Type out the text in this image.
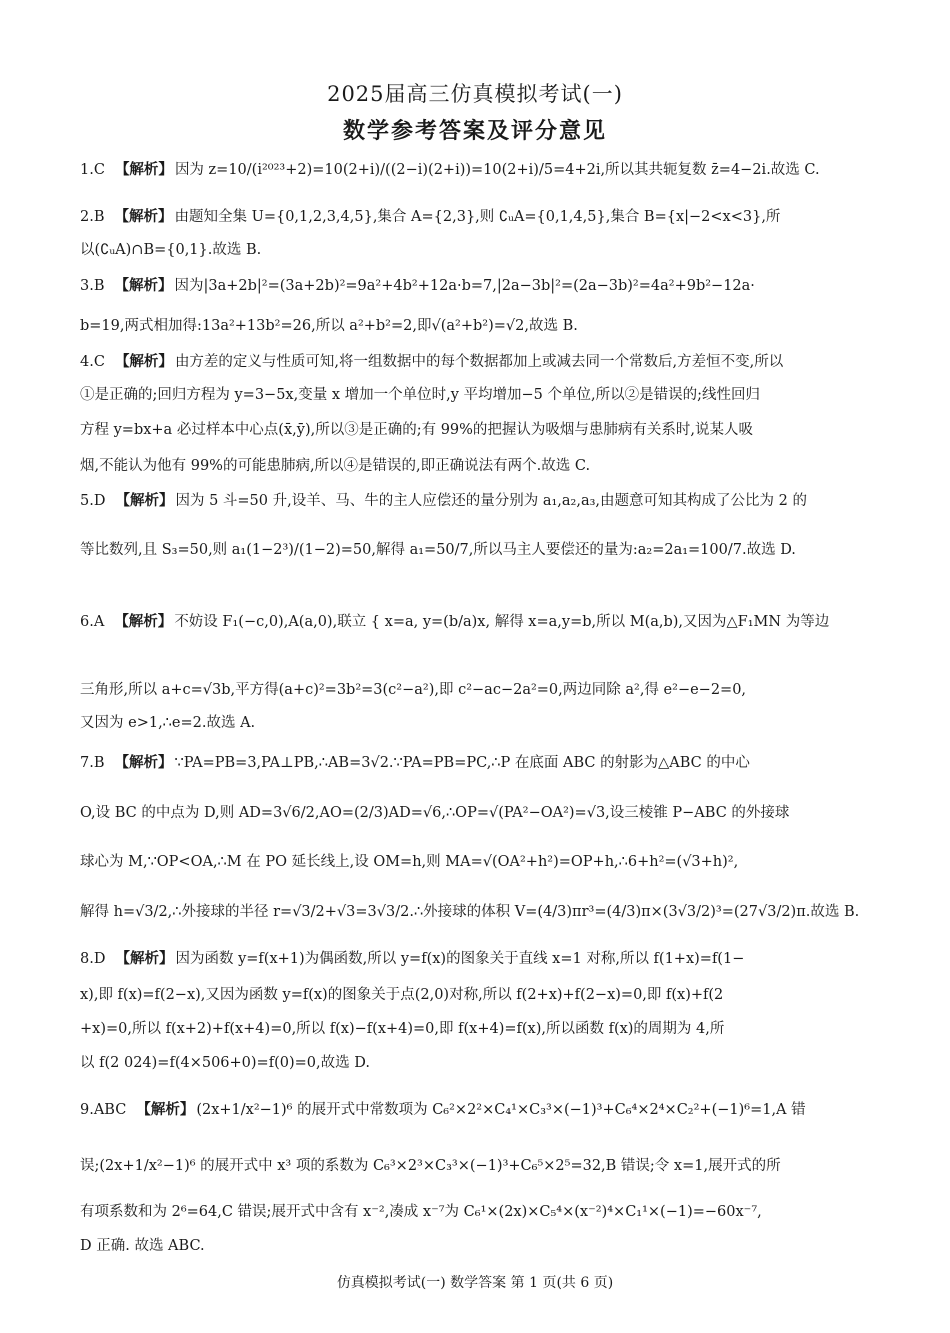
2025届高三仿真模拟考试(一)
数学参考答案及评分意见
1.C 【解析】 因为 z=10/(i²⁰²³+2)=10(2+i)/((2−i)(2+i))=10(2+i)/5=4+2i,所以其共轭复数 z̄=4−2i.故选 C.
2.B 【解析】 由题知全集 U={0,1,2,3,4,5},集合 A={2,3},则 ∁ᵤA={0,1,4,5},集合 B={x|−2<x<3},所
以(∁ᵤA)∩B={0,1}.故选 B.
3.B 【解析】 因为|3a+2b|²=(3a+2b)²=9a²+4b²+12a·b=7,|2a−3b|²=(2a−3b)²=4a²+9b²−12a·
b=19,两式相加得:13a²+13b²=26,所以 a²+b²=2,即√(a²+b²)=√2,故选 B.
4.C 【解析】 由方差的定义与性质可知,将一组数据中的每个数据都加上或减去同一个常数后,方差恒不变,所以
①是正确的;回归方程为 y=3−5x,变量 x 增加一个单位时,y 平均增加−5 个单位,所以②是错误的;线性回归
方程 y=bx+a 必过样本中心点(x̄,ȳ),所以③是正确的;有 99%的把握认为吸烟与患肺病有关系时,说某人吸
烟,不能认为他有 99%的可能患肺病,所以④是错误的,即正确说法有两个.故选 C.
5.D 【解析】 因为 5 斗=50 升,设羊、马、牛的主人应偿还的量分别为 a₁,a₂,a₃,由题意可知其构成了公比为 2 的
等比数列,且 S₃=50,则 a₁(1−2³)/(1−2)=50,解得 a₁=50/7,所以马主人要偿还的量为:a₂=2a₁=100/7.故选 D.
6.A 【解析】 不妨设 F₁(−c,0),A(a,0),联立 { x=a, y=(b/a)x, 解得 x=a,y=b,所以 M(a,b),又因为△F₁MN 为等边
三角形,所以 a+c=√3b,平方得(a+c)²=3b²=3(c²−a²),即 c²−ac−2a²=0,两边同除 a²,得 e²−e−2=0,
又因为 e>1,∴e=2.故选 A.
7.B 【解析】 ∵PA=PB=3,PA⊥PB,∴AB=3√2.∵PA=PB=PC,∴P 在底面 ABC 的射影为△ABC 的中心
O,设 BC 的中点为 D,则 AD=3√6/2,AO=(2/3)AD=√6,∴OP=√(PA²−OA²)=√3,设三棱锥 P−ABC 的外接球
球心为 M,∵OP<OA,∴M 在 PO 延长线上,设 OM=h,则 MA=√(OA²+h²)=OP+h,∴6+h²=(√3+h)²,
解得 h=√3/2,∴外接球的半径 r=√3/2+√3=3√3/2.∴外接球的体积 V=(4/3)πr³=(4/3)π×(3√3/2)³=(27√3/2)π.故选 B.
8.D 【解析】 因为函数 y=f(x+1)为偶函数,所以 y=f(x)的图象关于直线 x=1 对称,所以 f(1+x)=f(1−
x),即 f(x)=f(2−x),又因为函数 y=f(x)的图象关于点(2,0)对称,所以 f(2+x)+f(2−x)=0,即 f(x)+f(2
+x)=0,所以 f(x+2)+f(x+4)=0,所以 f(x)−f(x+4)=0,即 f(x+4)=f(x),所以函数 f(x)的周期为 4,所
以 f(2 024)=f(4×506+0)=f(0)=0,故选 D.
9.ABC 【解析】 (2x+1/x²−1)⁶ 的展开式中常数项为 C₆²×2²×C₄¹×C₃³×(−1)³+C₆⁴×2⁴×C₂²+(−1)⁶=1,A 错
误;(2x+1/x²−1)⁶ 的展开式中 x³ 项的系数为 C₆³×2³×C₃³×(−1)³+C₆⁵×2⁵=32,B 错误;令 x=1,展开式的所
有项系数和为 2⁶=64,C 错误;展开式中含有 x⁻²,凑成 x⁻⁷为 C₆¹×(2x)×C₅⁴×(x⁻²)⁴×C₁¹×(−1)=−60x⁻⁷,
D 正确. 故选 ABC.
仿真模拟考试(一) 数学答案 第 1 页(共 6 页)
